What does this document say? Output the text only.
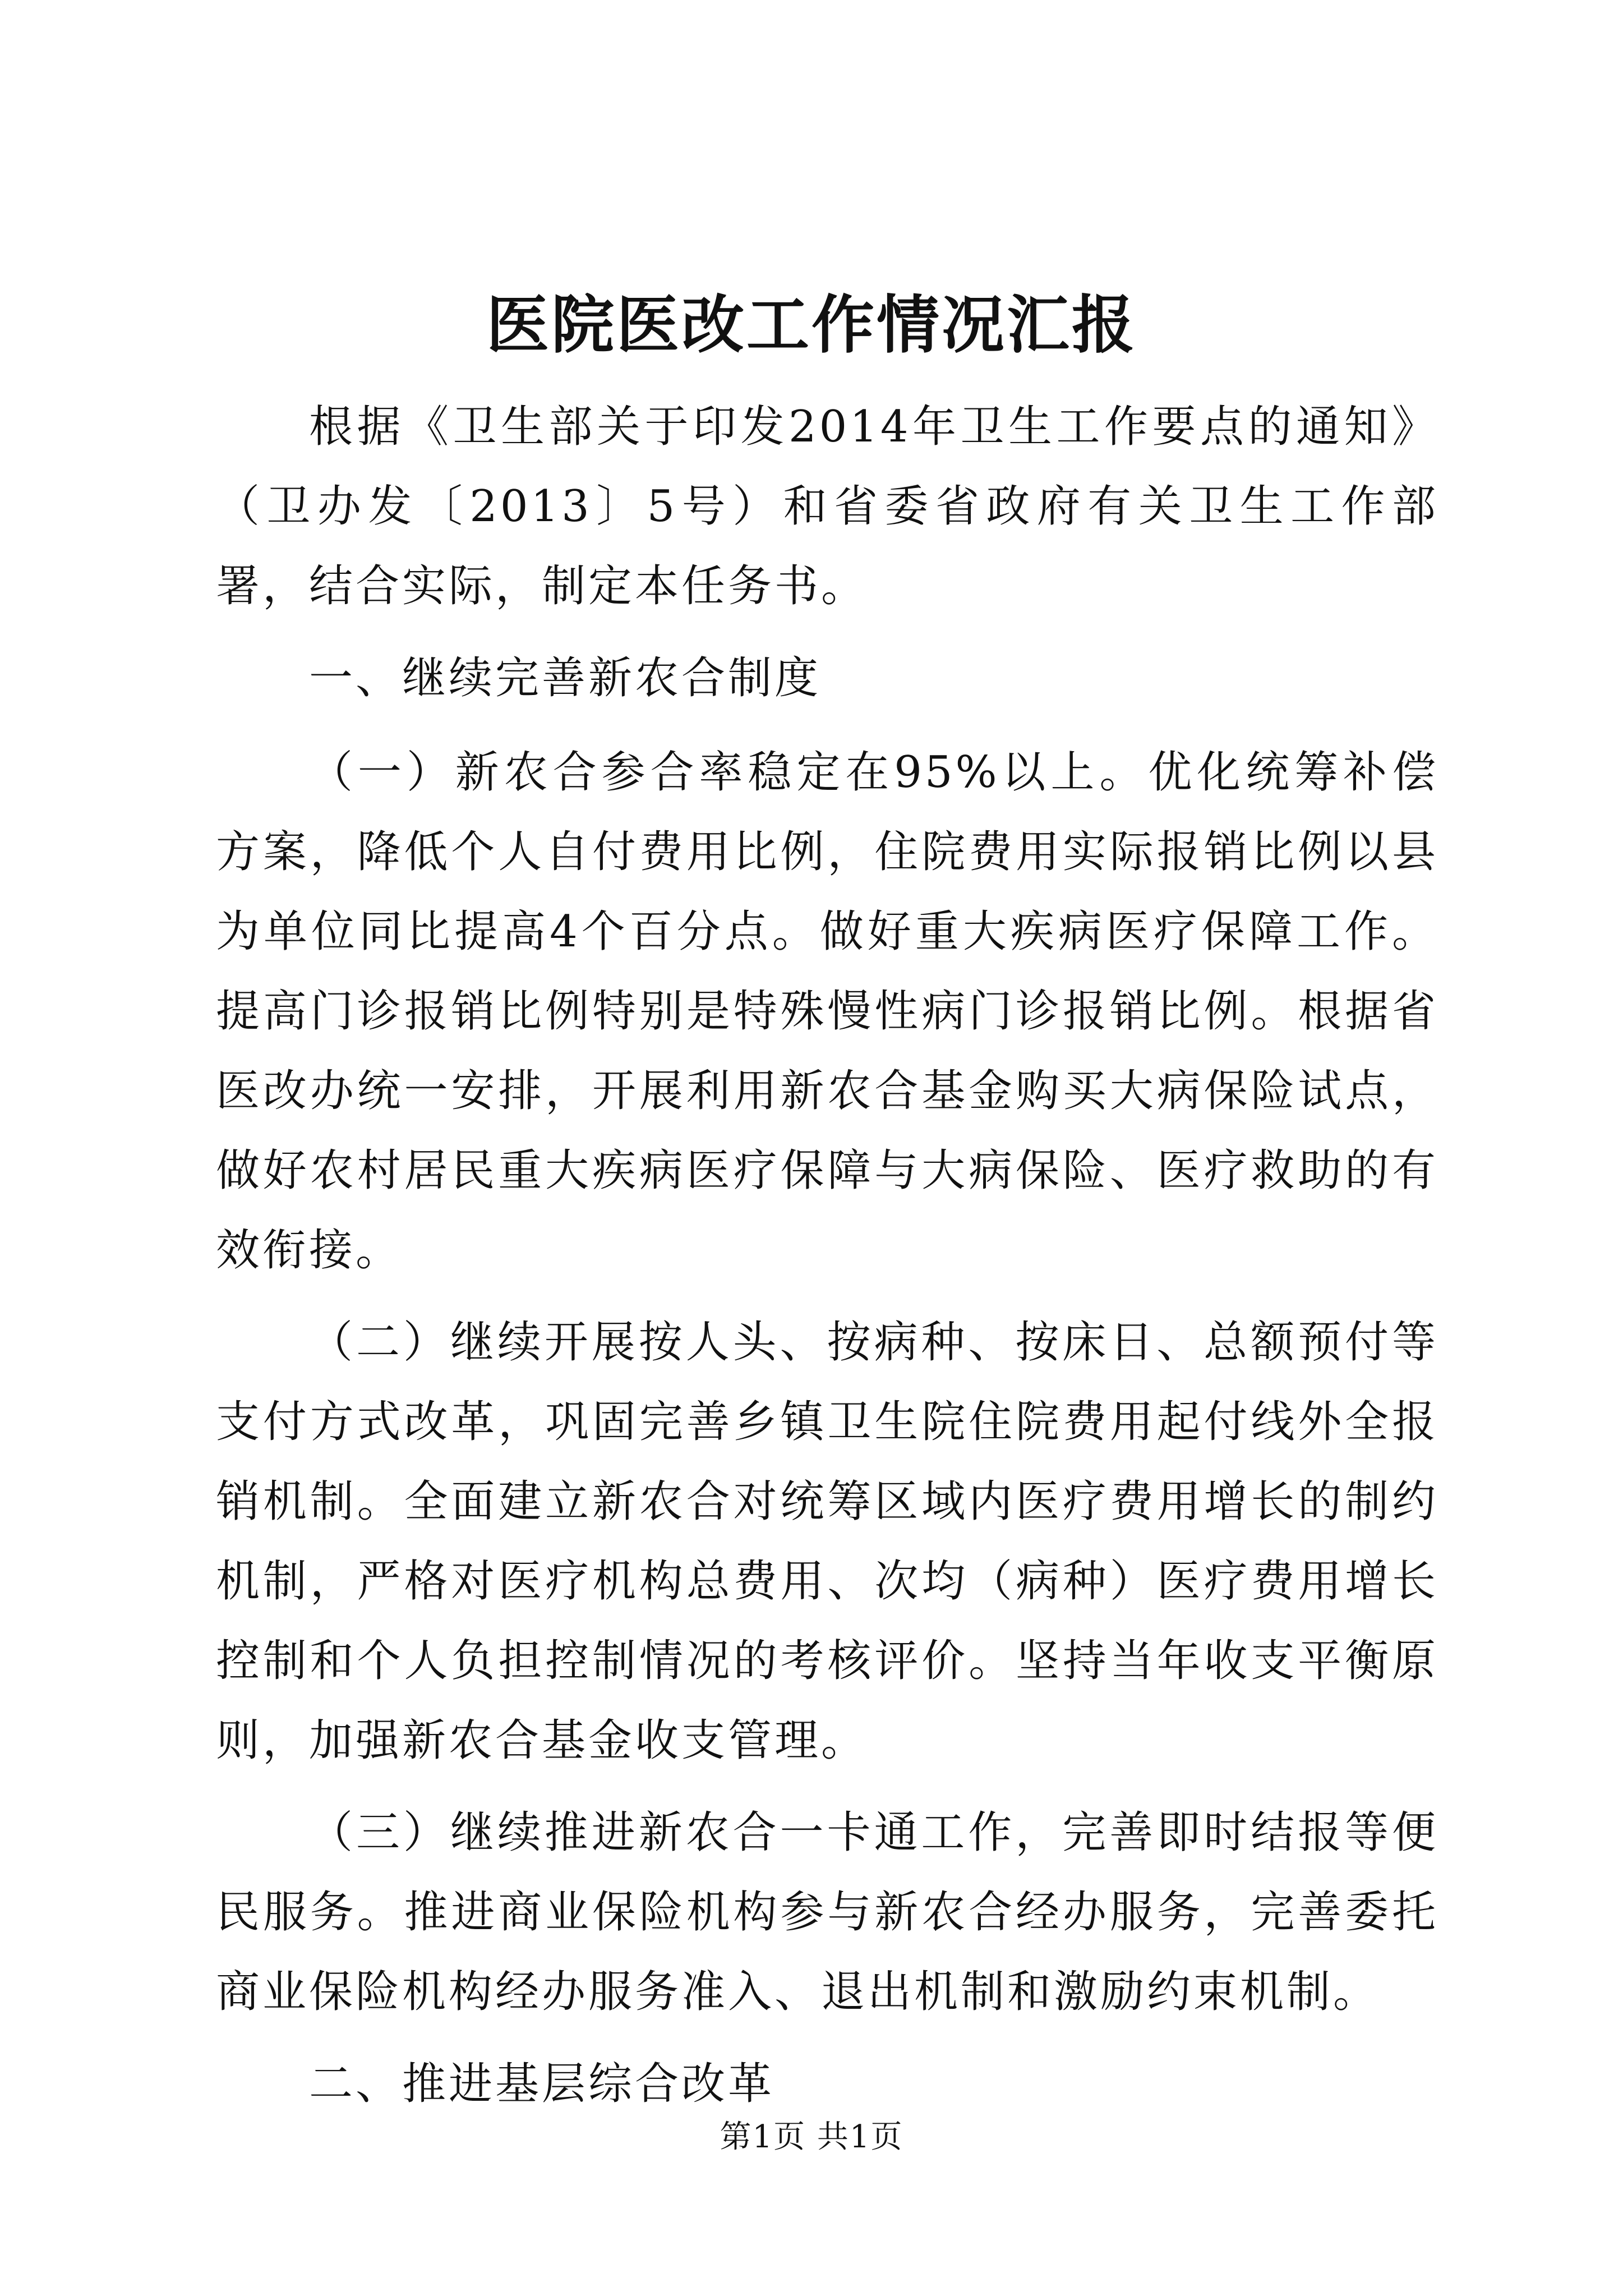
医院医改工作情况汇报

根据《卫生部关于印发2014年卫生工作要点的通知》（卫办发〔2013〕5号）和省委省政府有关卫生工作部署，结合实际，制定本任务书。

一、继续完善新农合制度

（一）新农合参合率稳定在95%以上。优化统筹补偿方案，降低个人自付费用比例，住院费用实际报销比例以县为单位同比提高4个百分点。做好重大疾病医疗保障工作。提高门诊报销比例特别是特殊慢性病门诊报销比例。根据省医改办统一安排，开展利用新农合基金购买大病保险试点，做好农村居民重大疾病医疗保障与大病保险、医疗救助的有效衔接。

（二）继续开展按人头、按病种、按床日、总额预付等支付方式改革，巩固完善乡镇卫生院住院费用起付线外全报销机制。全面建立新农合对统筹区域内医疗费用增长的制约机制，严格对医疗机构总费用、次均（病种）医疗费用增长控制和个人负担控制情况的考核评价。坚持当年收支平衡原则，加强新农合基金收支管理。

（三）继续推进新农合一卡通工作，完善即时结报等便民服务。推进商业保险机构参与新农合经办服务，完善委托商业保险机构经办服务准入、退出机制和激励约束机制。

二、推进基层综合改革

第1页 共1页
